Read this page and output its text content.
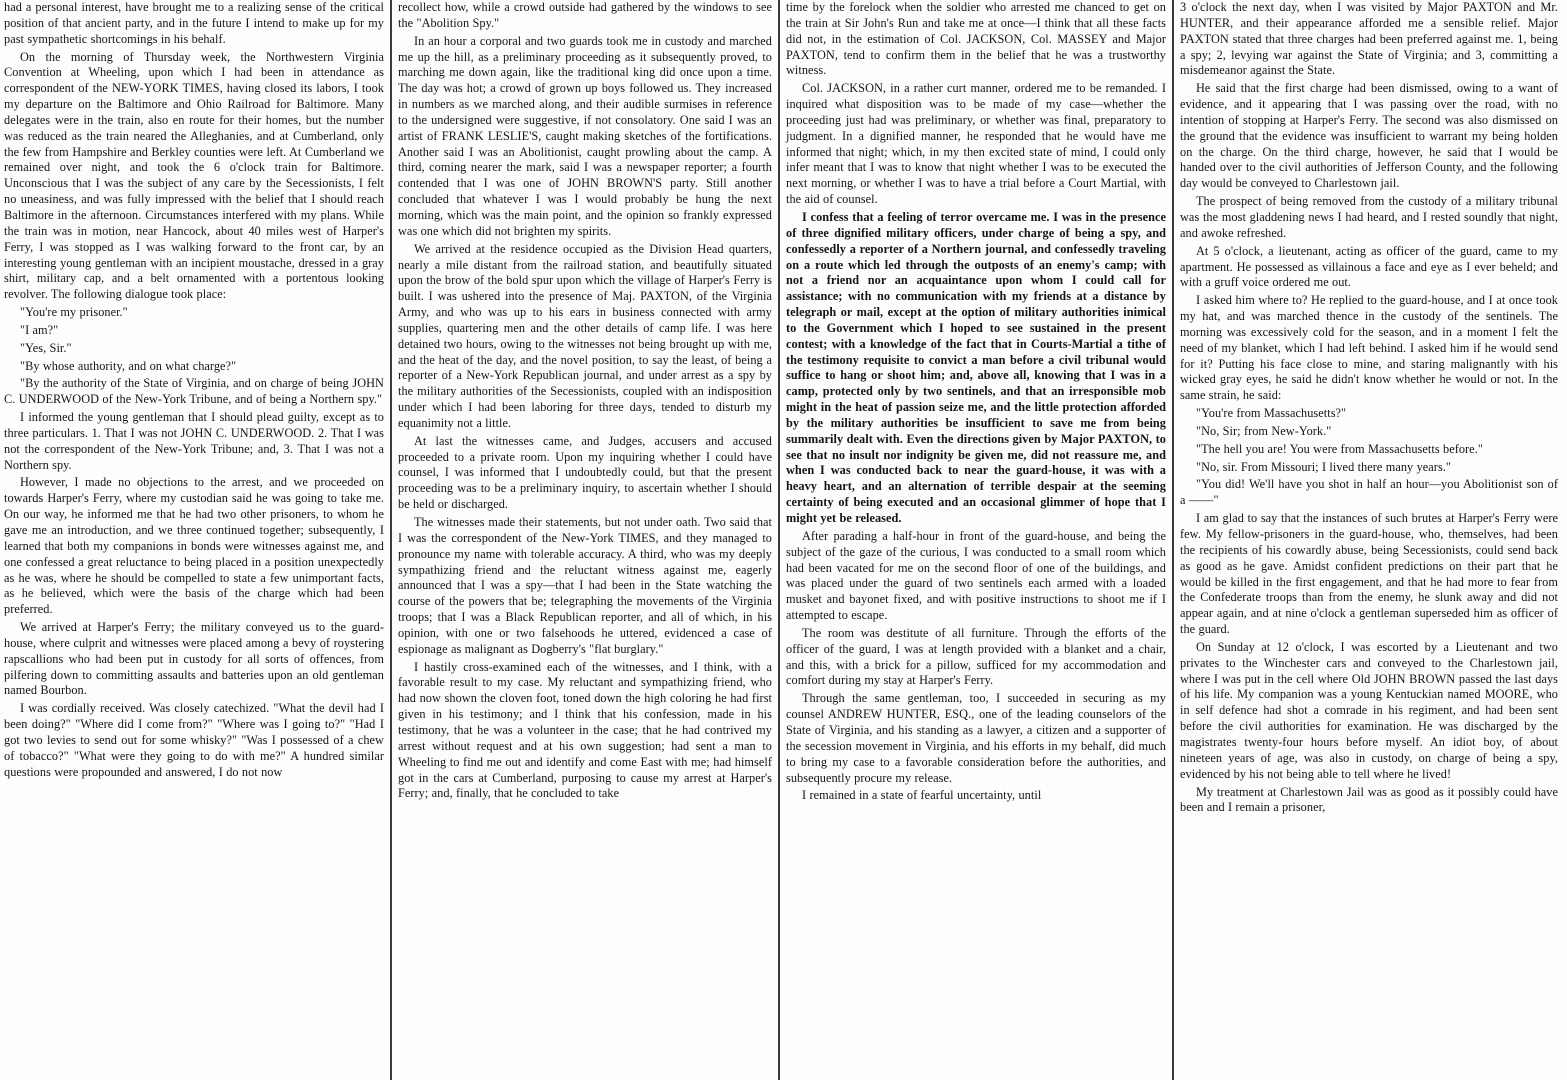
had a personal interest, have brought me to a realizing sense of the critical position of that ancient party, and in the future I intend to make up for my past sympathetic shortcomings in his behalf.

On the morning of Thursday week, the Northwestern Virginia Convention at Wheeling, upon which I had been in attendance as correspondent of the NEW-YORK TIMES, having closed its labors, I took my departure on the Baltimore and Ohio Railroad for Baltimore. Many delegates were in the train, also en route for their homes, but the number was reduced as the train neared the Alleghanies, and at Cumberland, only the few from Hampshire and Berkley counties were left. At Cumberland we remained over night, and took the 6 o'clock train for Baltimore. Unconscious that I was the subject of any care by the Secessionists, I felt no uneasiness, and was fully impressed with the belief that I should reach Baltimore in the afternoon. Circumstances interfered with my plans. While the train was in motion, near Hancock, about 40 miles west of Harper's Ferry, I was stopped as I was walking forward to the front car, by an interesting young gentleman with an incipient moustache, dressed in a gray shirt, military cap, and a belt ornamented with a portentous looking revolver. The following dialogue took place:

"You're my prisoner."

"I am?"

"Yes, Sir."

"By whose authority, and on what charge?"

"By the authority of the State of Virginia, and on charge of being JOHN C. UNDERWOOD of the New-York Tribune, and of being a Northern spy."

I informed the young gentleman that I should plead guilty, except as to three particulars. 1. That I was not JOHN C. UNDERWOOD. 2. That I was not the correspondent of the New-York Tribune; and, 3. That I was not a Northern spy.

However, I made no objections to the arrest, and we proceeded on towards Harper's Ferry, where my custodian said he was going to take me. On our way, he informed me that he had two other prisoners, to whom he gave me an introduction, and we three continued together; subsequently, I learned that both my companions in bonds were witnesses against me, and one confessed a great reluctance to being placed in a position unexpectedly as he was, where he should be compelled to state a few unimportant facts, as he believed, which were the basis of the charge which had been preferred.

We arrived at Harper's Ferry; the military conveyed us to the guard-house, where culprit and witnesses were placed among a bevy of roystering rapscallions who had been put in custody for all sorts of offences, from pilfering down to committing assaults and batteries upon an old gentleman named Bourbon.

I was cordially received. Was closely catechized. "What the devil had I been doing?" "Where did I come from?" "Where was I going to?" "Had I got two levies to send out for some whisky?" "Was I possessed of a chew of tobacco?" "What were they going to do with me?" A hundred similar questions were propounded and answered, I do not now

recollect how, while a crowd outside had gathered by the windows to see the "Abolition Spy."

In an hour a corporal and two guards took me in custody and marched me up the hill, as a preliminary proceeding as it subsequently proved, to marching me down again, like the traditional king did once upon a time. The day was hot; a crowd of grown up boys followed us. They increased in numbers as we marched along, and their audible surmises in reference to the undersigned were suggestive, if not consolatory. One said I was an artist of FRANK LESLIE'S, caught making sketches of the fortifications. Another said I was an Abolitionist, caught prowling about the camp. A third, coming nearer the mark, said I was a newspaper reporter; a fourth contended that I was one of JOHN BROWN'S party. Still another concluded that whatever I was I would probably be hung the next morning, which was the main point, and the opinion so frankly expressed was one which did not brighten my spirits.

We arrived at the residence occupied as the Division Head quarters, nearly a mile distant from the railroad station, and beautifully situated upon the brow of the bold spur upon which the village of Harper's Ferry is built. I was ushered into the presence of Maj. PAXTON, of the Virginia Army, and who was up to his ears in business connected with army supplies, quartering men and the other details of camp life. I was here detained two hours, owing to the witnesses not being brought up with me, and the heat of the day, and the novel position, to say the least, of being a reporter of a New-York Republican journal, and under arrest as a spy by the military authorities of the Secessionists, coupled with an indisposition under which I had been laboring for three days, tended to disturb my equanimity not a little.

At last the witnesses came, and Judges, accusers and accused proceeded to a private room. Upon my inquiring whether I could have counsel, I was informed that I undoubtedly could, but that the present proceeding was to be a preliminary inquiry, to ascertain whether I should be held or discharged.

The witnesses made their statements, but not under oath. Two said that I was the correspondent of the New-York TIMES, and they managed to pronounce my name with tolerable accuracy. A third, who was my deeply sympathizing friend and the reluctant witness against me, eagerly announced that I was a spy—that I had been in the State watching the course of the powers that be; telegraphing the movements of the Virginia troops; that I was a Black Republican reporter, and all of which, in his opinion, with one or two falsehoods he uttered, evidenced a case of espionage as malignant as Dogberry's "flat burglary."

I hastily cross-examined each of the witnesses, and I think, with a favorable result to my case. My reluctant and sympathizing friend, who had now shown the cloven foot, toned down the high coloring he had first given in his testimony; and I think that his confession, made in his testimony, that he was a volunteer in the case; that he had contrived my arrest without request and at his own suggestion; had sent a man to Wheeling to find me out and identify and come East with me; had himself got in the cars at Cumberland, purposing to cause my arrest at Harper's Ferry; and, finally, that he concluded to take

time by the forelock when the soldier who arrested me chanced to get on the train at Sir John's Run and take me at once—I think that all these facts did not, in the estimation of Col. JACKSON, Col. MASSEY and Major PAXTON, tend to confirm them in the belief that he was a trustworthy witness.

Col. JACKSON, in a rather curt manner, ordered me to be remanded. I inquired what disposition was to be made of my case—whether the proceeding just had was preliminary, or whether was final, preparatory to judgment. In a dignified manner, he responded that he would have me informed that night; which, in my then excited state of mind, I could only infer meant that I was to know that night whether I was to be executed the next morning, or whether I was to have a trial before a Court Martial, with the aid of counsel.

I confess that a feeling of terror overcame me. I was in the presence of three dignified military officers, under charge of being a spy, and confessedly a reporter of a Northern journal, and confessedly traveling on a route which led through the outposts of an enemy's camp; with not a friend nor an acquaintance upon whom I could call for assistance; with no communication with my friends at a distance by telegraph or mail, except at the option of military authorities inimical to the Government which I hoped to see sustained in the present contest; with a knowledge of the fact that in Courts-Martial a tithe of the testimony requisite to convict a man before a civil tribunal would suffice to hang or shoot him; and, above all, knowing that I was in a camp, protected only by two sentinels, and that an irresponsible mob might in the heat of passion seize me, and the little protection afforded by the military authorities be insufficient to save me from being summarily dealt with. Even the directions given by Major PAXTON, to see that no insult nor indignity be given me, did not reassure me, and when I was conducted back to near the guard-house, it was with a heavy heart, and an alternation of terrible despair at the seeming certainty of being executed and an occasional glimmer of hope that I might yet be released.

After parading a half-hour in front of the guard-house, and being the subject of the gaze of the curious, I was conducted to a small room which had been vacated for me on the second floor of one of the buildings, and was placed under the guard of two sentinels each armed with a loaded musket and bayonet fixed, and with positive instructions to shoot me if I attempted to escape.

The room was destitute of all furniture. Through the efforts of the officer of the guard, I was at length provided with a blanket and a chair, and this, with a brick for a pillow, sufficed for my accommodation and comfort during my stay at Harper's Ferry.

Through the same gentleman, too, I succeeded in securing as my counsel ANDREW HUNTER, ESQ., one of the leading counselors of the State of Virginia, and his standing as a lawyer, a citizen and a supporter of the secession movement in Virginia, and his efforts in my behalf, did much to bring my case to a favorable consideration before the authorities, and subsequently procure my release.

I remained in a state of fearful uncertainty, until

3 o'clock the next day, when I was visited by Major PAXTON and Mr. HUNTER, and their appearance afforded me a sensible relief. Major PAXTON stated that three charges had been preferred against me. 1, being a spy; 2, levying war against the State of Virginia; and 3, committing a misdemeanor against the State.

He said that the first charge had been dismissed, owing to a want of evidence, and it appearing that I was passing over the road, with no intention of stopping at Harper's Ferry. The second was also dismissed on the ground that the evidence was insufficient to warrant my being holden on the charge. On the third charge, however, he said that I would be handed over to the civil authorities of Jefferson County, and the following day would be conveyed to Charlestown jail.

The prospect of being removed from the custody of a military tribunal was the most gladdening news I had heard, and I rested soundly that night, and awoke refreshed.

At 5 o'clock, a lieutenant, acting as officer of the guard, came to my apartment. He possessed as villainous a face and eye as I ever beheld; and with a gruff voice ordered me out.

I asked him where to? He replied to the guard-house, and I at once took my hat, and was marched thence in the custody of the sentinels. The morning was excessively cold for the season, and in a moment I felt the need of my blanket, which I had left behind. I asked him if he would send for it? Putting his face close to mine, and staring malignantly with his wicked gray eyes, he said he didn't know whether he would or not. In the same strain, he said:

"You're from Massachusetts?"

"No, Sir; from New-York."

"The hell you are! You were from Massachusetts before."

"No, sir. From Missouri; I lived there many years."

"You did! We'll have you shot in half an hour—you Abolitionist son of a ——"

I am glad to say that the instances of such brutes at Harper's Ferry were few. My fellow-prisoners in the guard-house, who, themselves, had been the recipients of his cowardly abuse, being Secessionists, could send back as good as he gave. Amidst confident predictions on their part that he would be killed in the first engagement, and that he had more to fear from the Confederate troops than from the enemy, he slunk away and did not appear again, and at nine o'clock a gentleman superseded him as officer of the guard.

On Sunday at 12 o'clock, I was escorted by a Lieutenant and two privates to the Winchester cars and conveyed to the Charlestown jail, where I was put in the cell where Old JOHN BROWN passed the last days of his life. My companion was a young Kentuckian named MOORE, who in self defence had shot a comrade in his regiment, and had been sent before the civil authorities for examination. He was discharged by the magistrates twenty-four hours before myself. An idiot boy, of about nineteen years of age, was also in custody, on charge of being a spy, evidenced by his not being able to tell where he lived!

My treatment at Charlestown Jail was as good as it possibly could have been and I remain a prisoner,
